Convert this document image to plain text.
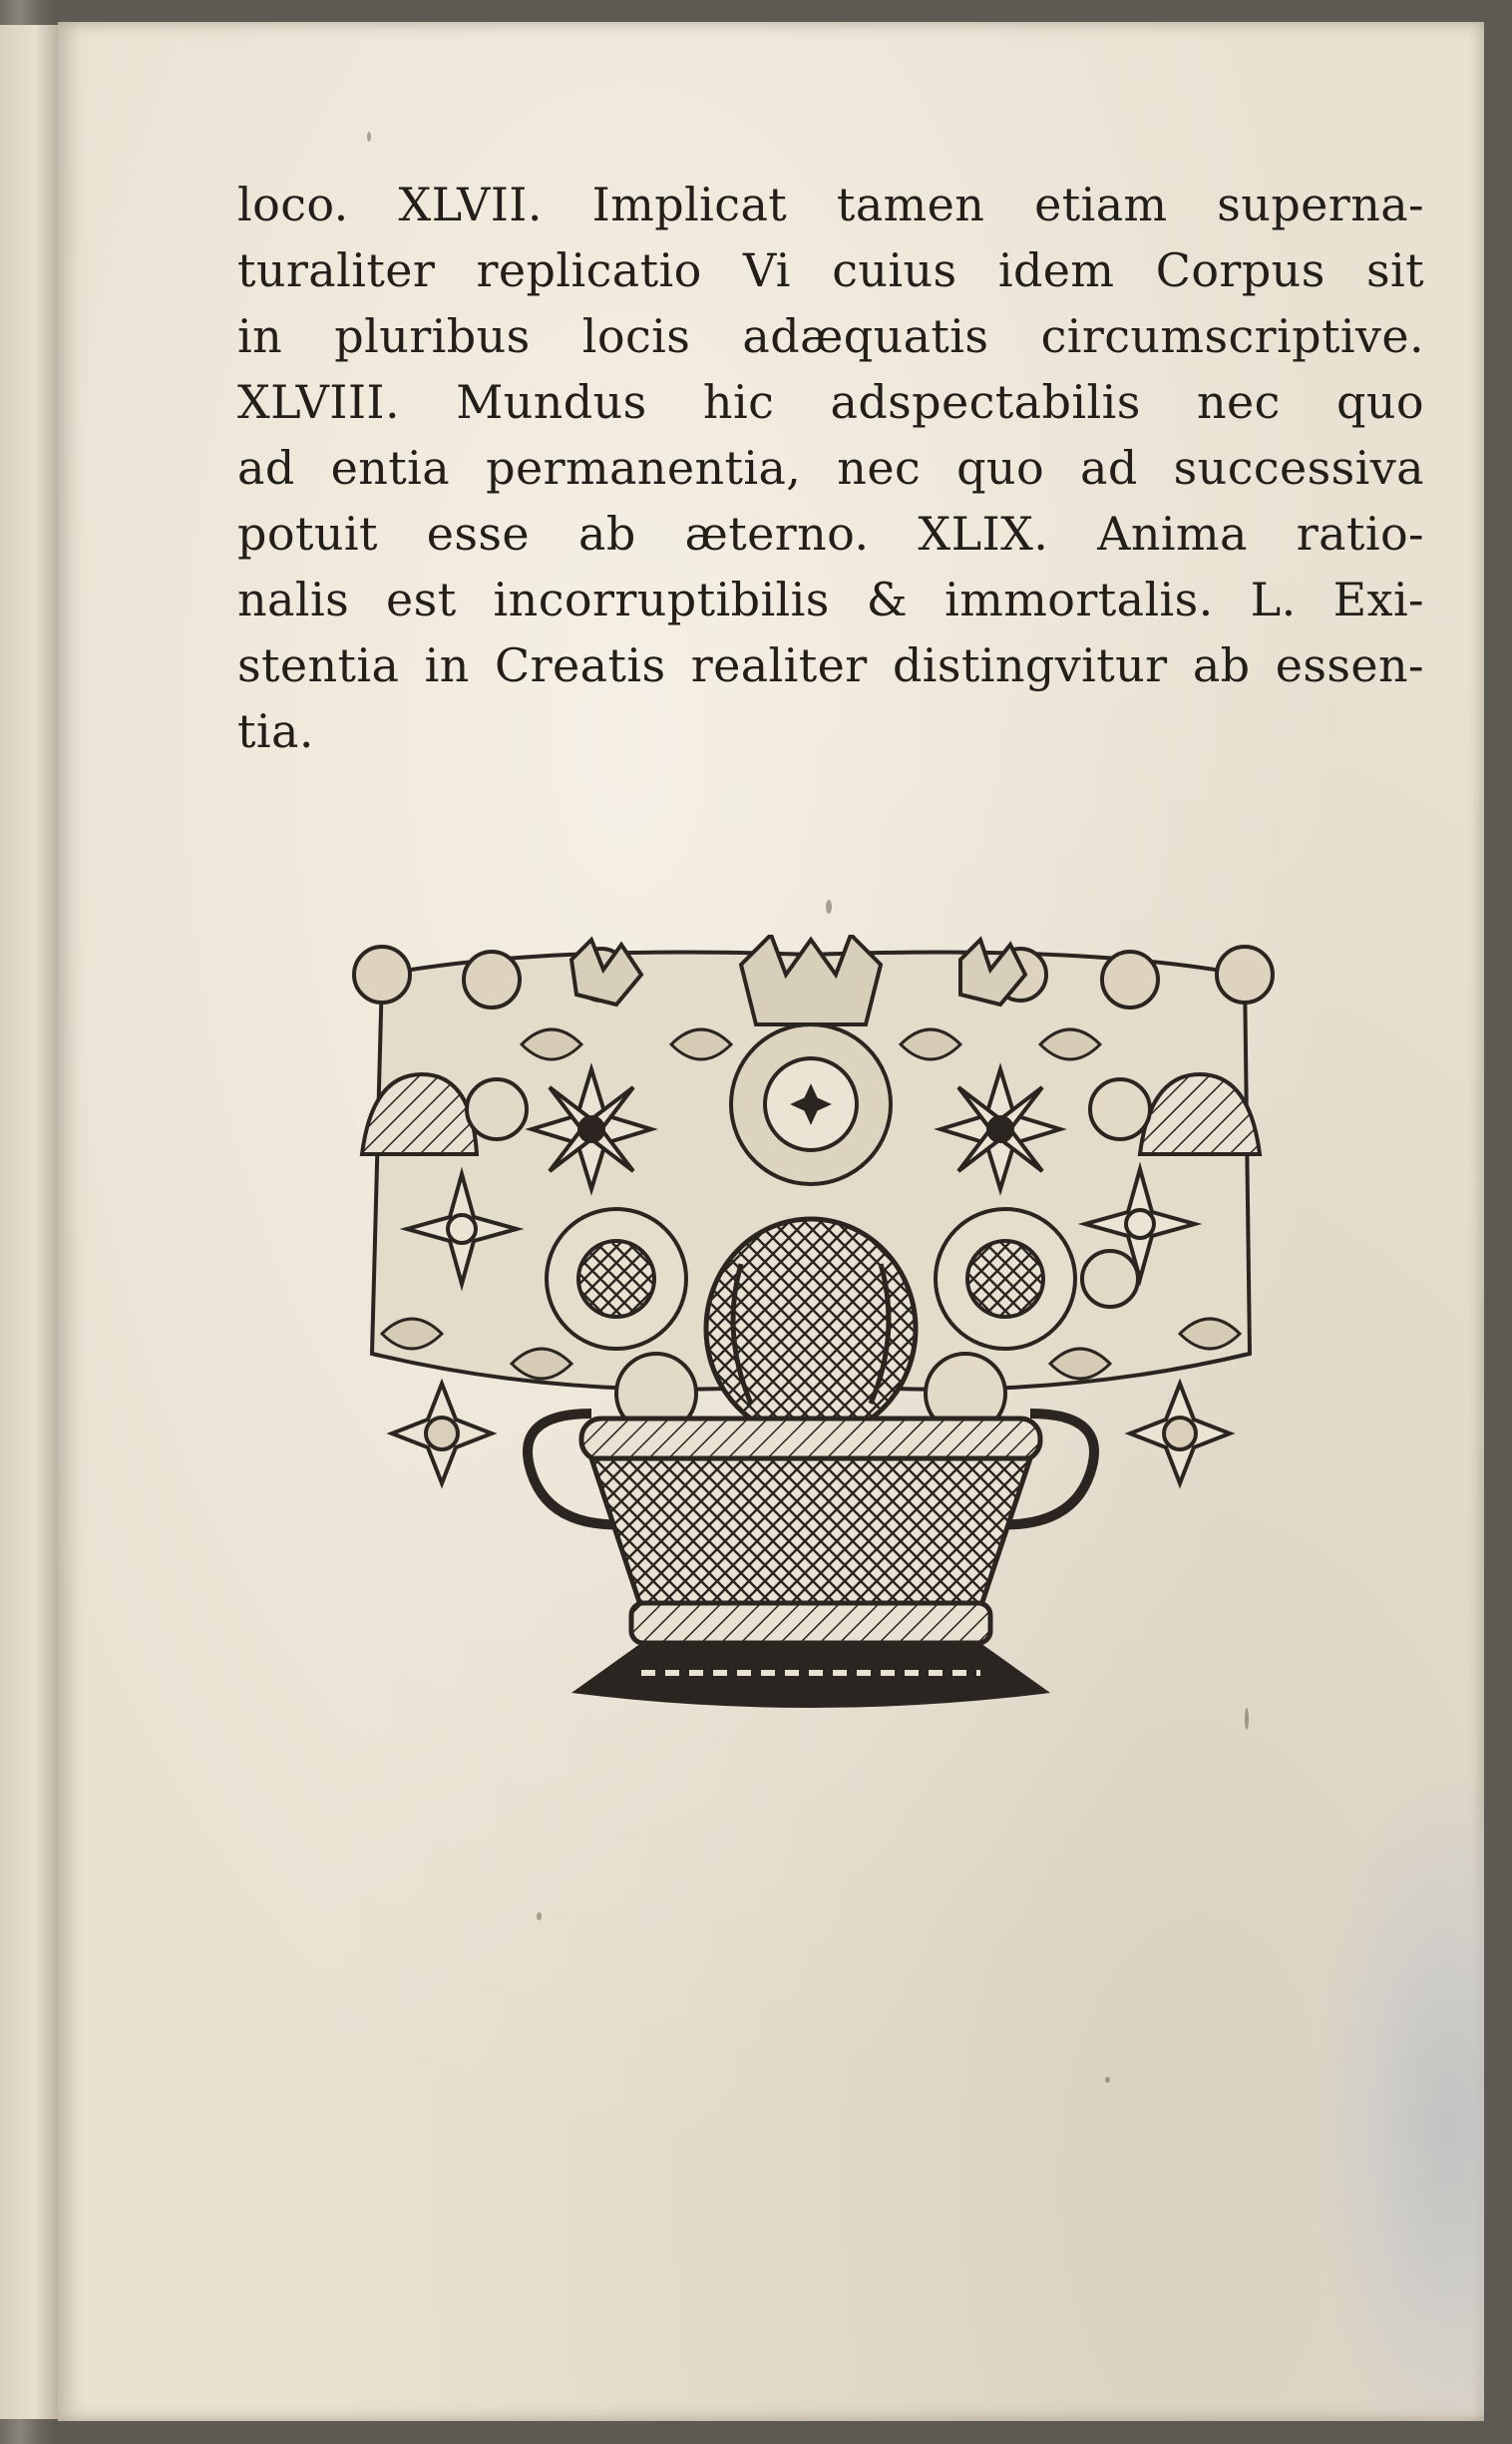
loco. XLVII. Implicat tamen etiam superna-
turaliter replicatio Vi cuius idem Corpus sit
in pluribus locis adæquatis circumscriptive.
XLVIII. Mundus hic adspectabilis nec quo
ad entia permanentia, nec quo ad successiva
potuit esse ab æterno. XLIX. Anima ratio-
nalis est incorruptibilis & immortalis. L. Exi-
stentia in Creatis realiter distingvitur ab essen-
tia.
